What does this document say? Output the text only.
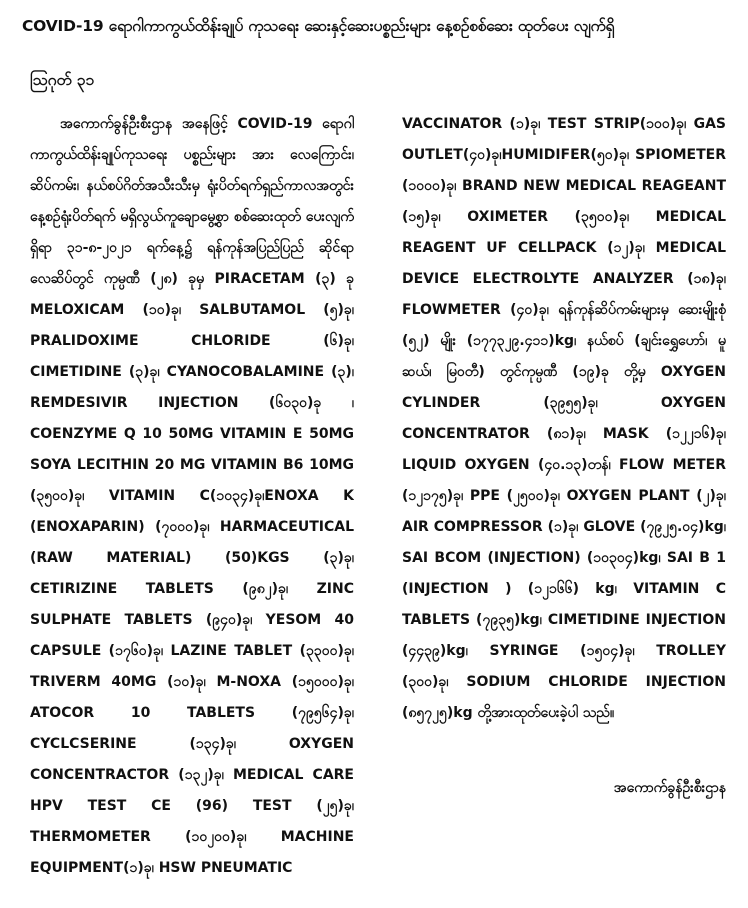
COVID-19 ရောဂါကာကွယ်ထိန်းချုပ် ကုသရေး ဆေးနှင့်ဆေးပစ္စည်းများ နေ့စဉ်စစ်ဆေး ထုတ်ပေး လျက်ရှိ
ဩဂုတ် ၃၁

အကောက်ခွန်ဦးစီးဌာန အနေဖြင့် COVID-19 ရောဂါ ကာကွယ်ထိန်းချုပ်ကုသရေး ပစ္စည်းများ အား လေကြောင်း၊ ဆိပ်ကမ်း၊ နယ်စပ်ဂိတ်အသီးသီးမှ ရုံးပိတ်ရက်ရှည်ကာလအတွင်း နေ့စဉ်ရုံးပိတ်ရက် မရှိလွယ်ကူချောမွေ့စွာ စစ်ဆေးထုတ် ပေးလျက် ရှိရာ ၃၁-၈-၂၀၂၁ ရက်နေ့၌ ရန်ကုန်အပြည်ပြည် ဆိုင်ရာ လေဆိပ်တွင် ကုမ္ပဏီ (၂၈) ခုမှ PIRACETAM (၃) ခု MELOXICAM (၁၀)ခု၊ SALBUTAMOL (၅)ခု၊ PRALIDOXIME CHLORIDE (၆)ခု၊ CIMETIDINE (၃)ခု၊ CYANOCOBALAMINE (၃)၊ REMDESIVIR INJECTION (၆၀၃၀)ခု ၊COENZYME Q 10 50MG VITAMIN E 50MG SOYA LECITHIN 20 MG VITAMIN B6 10MG (၃၅၀၀)ခု၊ VITAMIN C(၁၀၃၄)ခု၊ENOXA K (ENOXAPARIN) (၇၀၀၀)ခု၊ HARMACEUTICAL (RAW MATERIAL) (50)KGS (၃)ခု၊ CETIRIZINE TABLETS (၉၈၂)ခု၊ ZINC SULPHATE TABLETS (၉၄၀)ခု၊ YESOM 40 CAPSULE (၁၇၆၀)ခု၊ LAZINE TABLET (၃၃၀၀)ခု၊ TRIVERM 40MG (၁၀)ခု၊ M-NOXA (၁၅၀၀၀)ခု၊ ATOCOR 10 TABLETS (၇၉၅၆၄)ခု၊ CYCLCSERINE (၁၃၄)ခု၊ OXYGEN CONCENTRACTOR (၁၃၂)ခု၊ MEDICAL CARE HPV TEST CE (96) TEST (၂၅)ခု၊ THERMOMETER (၁၀၂၀၀)ခု၊ MACHINE EQUIPMENT(၁)ခု၊ HSW PNEUMATIC

VACCINATOR (၁)ခု၊ TEST STRIP(၁၀၀)ခု၊ GAS OUTLET(၄၀)ခု၊HUMIDIFER(၅၀)ခု၊ SPIOMETER (၁၀၀၀)ခု၊ BRAND NEW MEDICAL REAGEANT (၁၅)ခု၊ OXIMETER (၃၅၀၀)ခု၊ MEDICAL REAGENT UF CELLPACK (၁၂)ခု၊ MEDICAL DEVICE ELECTROLYTE ANALYZER (၁၈)ခု၊ FLOWMETER (၄၀)ခု၊ ရန်ကုန်ဆိပ်ကမ်းများမှ ဆေးမျိုးစုံ (၅၂) မျိုး (၁၇၇၃၂၉.၄၁၁)kg၊ နယ်စပ် (ချင်းရွှေဟော်၊ မူဆယ်၊ မြဝတီ) တွင်ကုမ္ပဏီ (၁၉)ခု တို့မှ OXYGEN CYLINDER (၃၉၅၅)ခု၊ OXYGEN CONCENTRATOR (၈၁)ခု၊ MASK (၁၂၂၁၆)ခု၊ LIQUID OXYGEN (၄၀.၁၃)တန်၊ FLOW METER (၁၂၁၇၅)ခု၊ PPE (၂၅၀၀)ခု၊ OXYGEN PLANT (၂)ခု၊ AIR COMPRESSOR (၁)ခု၊ GLOVE (၇၉၂၅.၀၄)kg၊ SAI BCOM (INJECTION) (၁၀၃၀၄)kg၊ SAI B 1 (INJECTION ) (၁၂၁၆၆) kg၊ VITAMIN C TABLETS (၇၉၃၅)kg၊ CIMETIDINE INJECTION (၄၄၃၉)kg၊ SYRINGE (၁၅၀၄)ခု၊ TROLLEY (၃၀၀)ခု၊ SODIUM CHLORIDE INJECTION (၈၅၇၂၅)kg တို့အားထုတ်ပေးခဲ့ပါ သည်။

အကောက်ခွန်ဦးစီးဌာန
